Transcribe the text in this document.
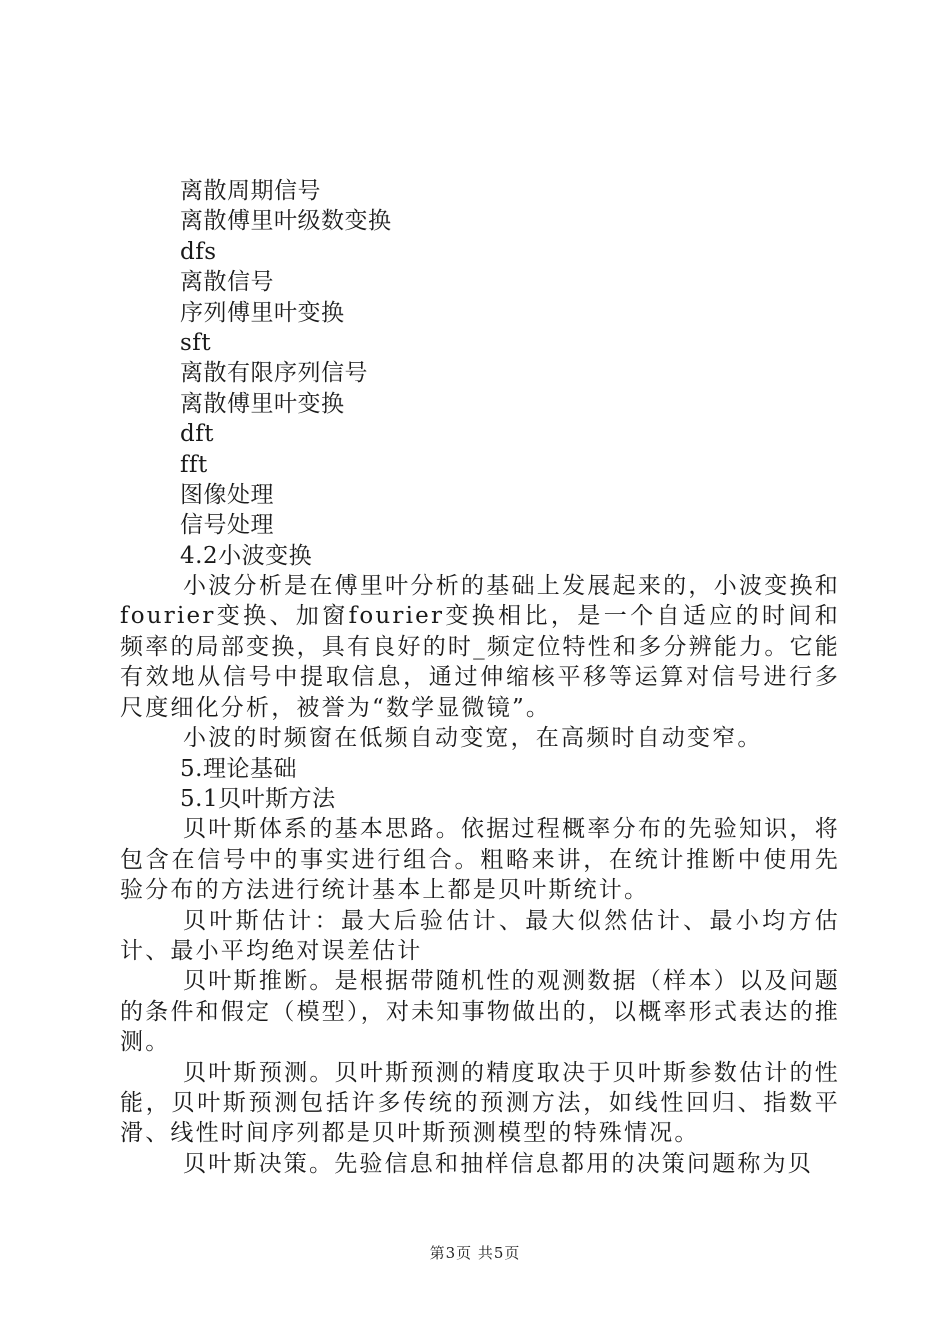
离散周期信号

离散傅里叶级数变换

dfs

离散信号

序列傅里叶变换

sft

离散有限序列信号

离散傅里叶变换

dft

fft

图像处理

信号处理

4.2小波变换

小波分析是在傅里叶分析的基础上发展起来的，小波变换和fourier变换、加窗fourier变换相比，是一个自适应的时间和频率的局部变换，具有良好的时_频定位特性和多分辨能力。它能有效地从信号中提取信息，通过伸缩核平移等运算对信号进行多尺度细化分析，被誉为“数学显微镜”。

小波的时频窗在低频自动变宽，在高频时自动变窄。

5.理论基础

5.1贝叶斯方法

贝叶斯体系的基本思路。依据过程概率分布的先验知识，将包含在信号中的事实进行组合。粗略来讲，在统计推断中使用先验分布的方法进行统计基本上都是贝叶斯统计。

贝叶斯估计：最大后验估计、最大似然估计、最小均方估计、最小平均绝对误差估计

贝叶斯推断。是根据带随机性的观测数据（样本）以及问题的条件和假定（模型），对未知事物做出的，以概率形式表达的推测。

贝叶斯预测。贝叶斯预测的精度取决于贝叶斯参数估计的性能，贝叶斯预测包括许多传统的预测方法，如线性回归、指数平滑、线性时间序列都是贝叶斯预测模型的特殊情况。

贝叶斯决策。先验信息和抽样信息都用的决策问题称为贝

第3页 共5页
